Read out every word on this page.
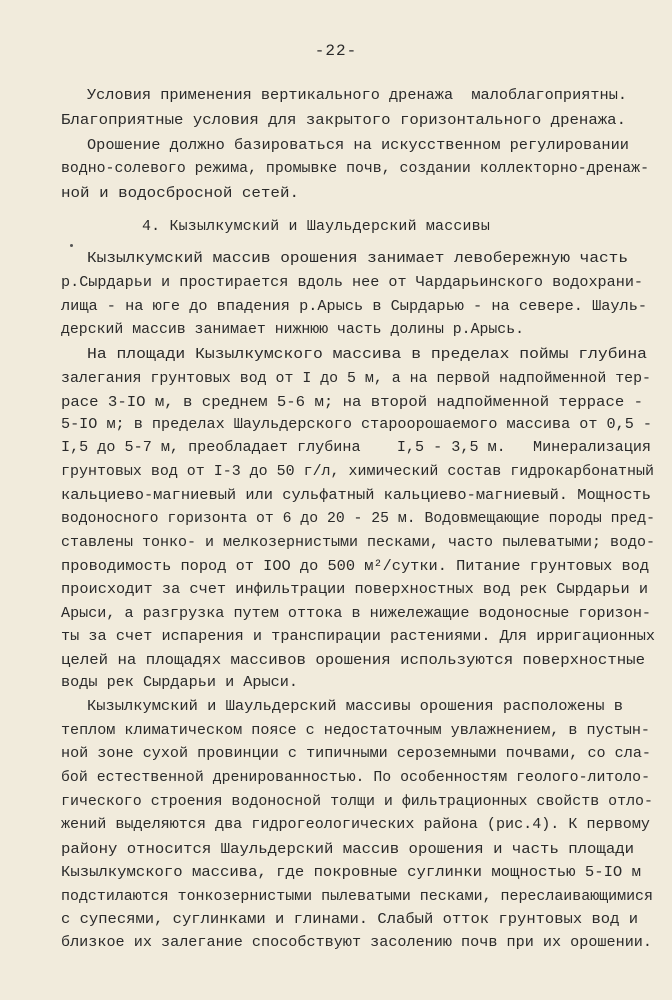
-22-
Условия применения вертикального дренажа  малоблагоприятны.
Благоприятные условия для закрытого горизонтального дренажа.
Орошение должно базироваться на искусственном регулировании
водно-солевого режима, промывке почв, создании коллекторно-дренаж-
ной и водосбросной сетей.
4. Кызылкумский и Шаульдерский массивы
Кызылкумский массив орошения занимает левобережную часть
р.Сырдарьи и простирается вдоль нее от Чардарьинского водохрани-
лища - на юге до впадения р.Арысь в Сырдарью - на севере. Шауль-
дерский массив занимает нижнюю часть долины р.Арысь.
На площади Кызылкумского массива в пределах поймы глубина
залегания грунтовых вод от I до 5 м, а на первой надпойменной тер-
расе 3-IO м, в среднем 5-6 м; на второй надпойменной террасе -
5-IO м; в пределах Шаульдерского староорошаемого массива от 0,5 -
I,5 до 5-7 м, преобладает глубина    I,5 - 3,5 м.   Минерализация
грунтовых вод от I-3 до 50 г/л, химический состав гидрокарбонатный
кальциево-магниевый или сульфатный кальциево-магниевый. Мощность
водоносного горизонта от 6 до 20 - 25 м. Водовмещающие породы пред-
ставлены тонко- и мелкозернистыми песками, часто пылеватыми; водо-
проводимость пород от IOO до 500 м²/сутки. Питание грунтовых вод
происходит за счет инфильтрации поверхностных вод рек Сырдарьи и
Арыси, а разгрузка путем оттока в нижележащие водоносные горизон-
ты за счет испарения и транспирации растениями. Для ирригационных
целей на площадях массивов орошения используются поверхностные
воды рек Сырдарьи и Арыси.
Кызылкумский и Шаульдерский массивы орошения расположены в
теплом климатическом поясе с недостаточным увлажнением, в пустын-
ной зоне сухой провинции с типичными сероземными почвами, со сла-
бой естественной дренированностью. По особенностям геолого-литоло-
гического строения водоносной толщи и фильтрационных свойств отло-
жений выделяются два гидрогеологических района (рис.4). К первому
району относится Шаульдерский массив орошения и часть площади
Кызылкумского массива, где покровные суглинки мощностью 5-IO м
подстилаются тонкозернистыми пылеватыми песками, переслаивающимися
с супесями, суглинками и глинами. Слабый отток грунтовых вод и
близкое их залегание способствуют засолению почв при их орошении.
